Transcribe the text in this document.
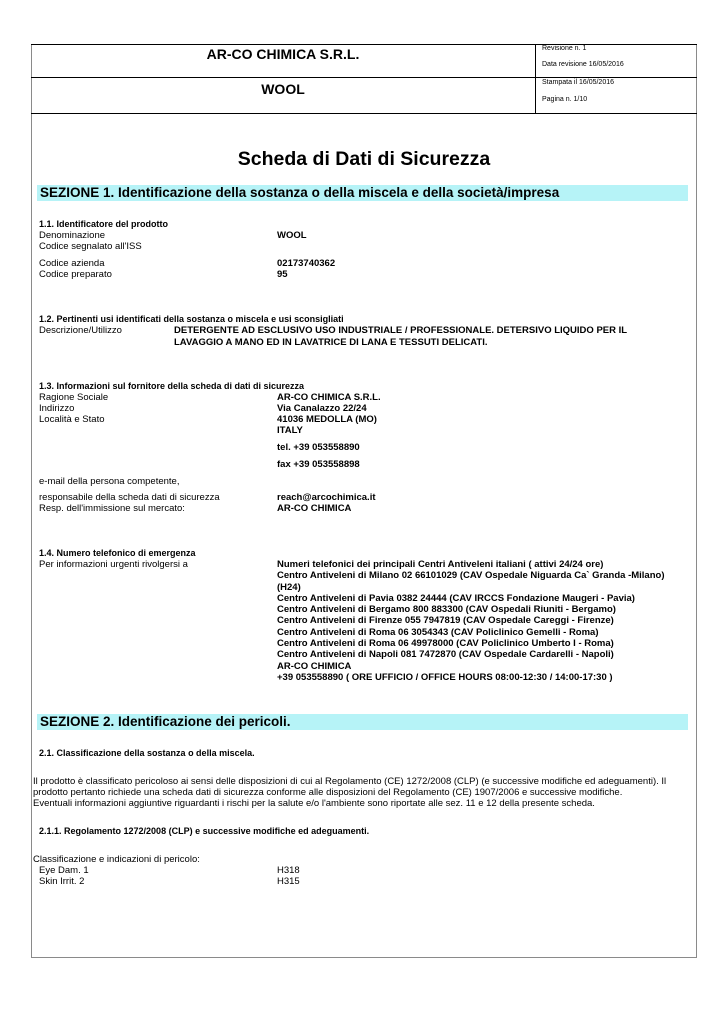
AR-CO CHIMICA S.R.L.
WOOL
Revisione n. 1
Data revisione 16/05/2016
Stampata il 16/05/2016
Pagina n. 1/10
Scheda di Dati di Sicurezza
SEZIONE 1. Identificazione della sostanza o della miscela e della società/impresa
1.1. Identificatore del prodotto
Denominazione	WOOL
Codice segnalato all'ISS
Codice azienda	02173740362
Codice preparato	95
1.2. Pertinenti usi identificati della sostanza o miscela e usi sconsigliati
Descrizione/Utilizzo	DETERGENTE AD ESCLUSIVO USO INDUSTRIALE / PROFESSIONALE. DETERSIVO LIQUIDO PER IL
LAVAGGIO A MANO ED IN LAVATRICE DI LANA E TESSUTI DELICATI.
1.3. Informazioni sul fornitore della scheda di dati di sicurezza
Ragione Sociale	AR-CO CHIMICA S.R.L.
Indirizzo	Via Canalazzo 22/24
Località e Stato	41036 MEDOLLA (MO)
ITALY
tel. +39 053558890
fax +39 053558898
e-mail della persona competente,
responsabile della scheda dati di sicurezza	reach@arcochimica.it
Resp. dell'immissione sul mercato:	AR-CO CHIMICA
1.4. Numero telefonico di emergenza
Per informazioni urgenti rivolgersi a	Numeri telefonici dei principali Centri Antiveleni italiani ( attivi 24/24 ore)
Centro Antiveleni di Milano 02 66101029 (CAV Ospedale Niguarda Ca` Granda -Milano)
(H24)
Centro Antiveleni di Pavia 0382 24444 (CAV IRCCS Fondazione Maugeri - Pavia)
Centro Antiveleni di Bergamo 800 883300 (CAV Ospedali Riuniti - Bergamo)
Centro Antiveleni di Firenze 055 7947819 (CAV Ospedale Careggi - Firenze)
Centro Antiveleni di Roma 06 3054343 (CAV Policlinico Gemelli - Roma)
Centro Antiveleni di Roma 06 49978000 (CAV Policlinico Umberto I - Roma)
Centro Antiveleni di Napoli 081 7472870 (CAV Ospedale Cardarelli - Napoli)
AR-CO CHIMICA
+39 053558890 ( ORE UFFICIO / OFFICE HOURS 08:00-12:30 / 14:00-17:30 )
SEZIONE 2. Identificazione dei pericoli.
2.1. Classificazione della sostanza o della miscela.
Il prodotto è classificato pericoloso ai sensi delle disposizioni di cui al Regolamento (CE) 1272/2008 (CLP) (e successive modifiche ed adeguamenti). Il
prodotto pertanto richiede una scheda dati di sicurezza conforme alle disposizioni del Regolamento (CE) 1907/2006 e successive modifiche.
Eventuali informazioni aggiuntive riguardanti i rischi per la salute e/o l'ambiente sono riportate alle sez. 11 e 12 della presente scheda.
2.1.1. Regolamento 1272/2008 (CLP) e successive modifiche ed adeguamenti.
Classificazione e indicazioni di pericolo:
Eye Dam. 1	H318
Skin Irrit. 2	H315
